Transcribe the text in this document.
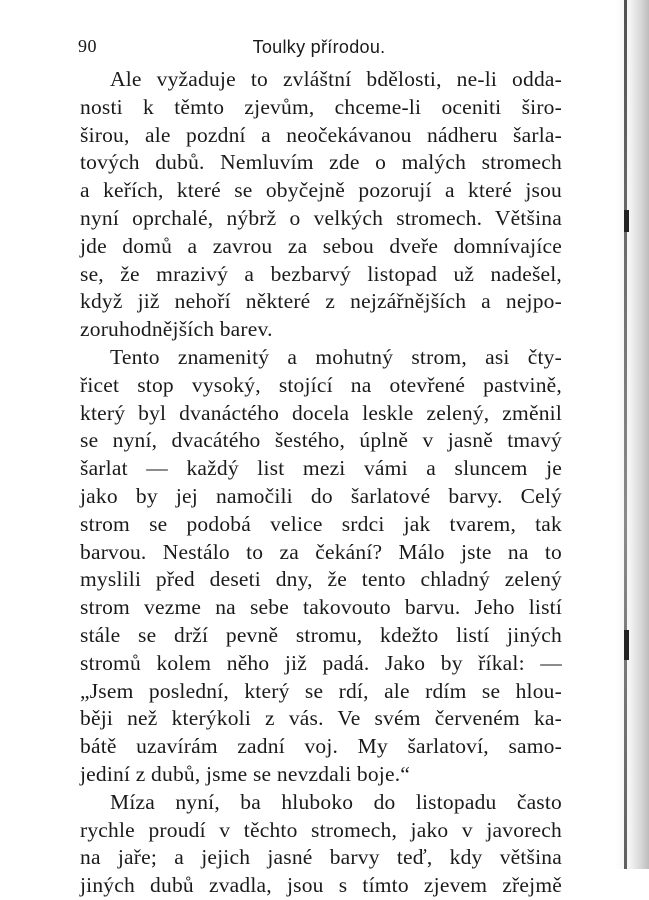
90	Toulky přírodou.
Ale vyžaduje to zvláštní bdělosti, ne-li odda-
nosti k těmto zjevům, chceme-li oceniti širo-
širou, ale pozdní a neočekávanou nádheru šarla-
tových dubů. Nemluvím zde o malých stromech
a keřích, které se obyčejně pozorují a které jsou
nyní oprchalé, nýbrž o velkých stromech. Většina
jde domů a zavrou za sebou dveře domnívajíce
se, že mrazivý a bezbarvý listopad už nadešel,
když již nehoří některé z nejzářnějších a nejpo-
zoruhodnějších barev.
Tento znamenitý a mohutný strom, asi čty-
řicet stop vysoký, stojící na otevřené pastvině,
který byl dvanáctého docela leskle zelený, změnil
se nyní, dvacátého šestého, úplně v jasně tmavý
šarlat — každý list mezi vámi a sluncem je
jako by jej namočili do šarlatové barvy. Celý
strom se podobá velice srdci jak tvarem, tak
barvou. Nestálo to za čekání? Málo jste na to
myslili před deseti dny, že tento chladný zelený
strom vezme na sebe takovouto barvu. Jeho listí
stále se drží pevně stromu, kdežto listí jiných
stromů kolem něho již padá. Jako by říkal: —
„Jsem poslední, který se rdí, ale rdím se hlou-
běji než kterýkoli z vás. Ve svém červeném ka-
bátě uzavírám zadní voj. My šarlatoví, samo-
jediní z dubů, jsme se nevzdali boje.“
Míza nyní, ba hluboko do listopadu často
rychle proudí v těchto stromech, jako v javorech
na jaře; a jejich jasné barvy teď, kdy většina
jiných dubů zvadla, jsou s tímto zjevem zřejmě
